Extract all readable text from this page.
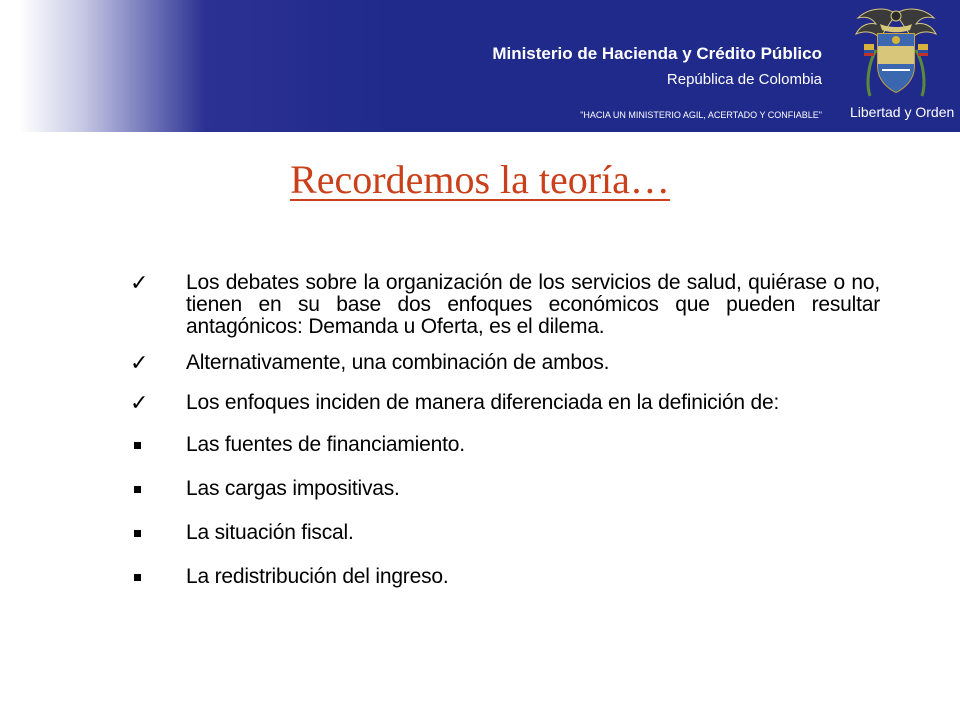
Ministerio de Hacienda y Crédito Público
República de Colombia
"HACIA UN MINISTERIO AGIL, ACERTADO Y CONFIABLE" Libertad y Orden
Recordemos la teoría…
✓ Los debates sobre la organización de los servicios de salud, quiérase o no, tienen en su base dos enfoques económicos que pueden resultar antagónicos: Demanda u Oferta, es el dilema.
✓ Alternativamente, una combinación de ambos.
✓ Los enfoques inciden de manera diferenciada en la definición de:
Las fuentes de financiamiento.
Las cargas impositivas.
La situación fiscal.
La redistribución del ingreso.
